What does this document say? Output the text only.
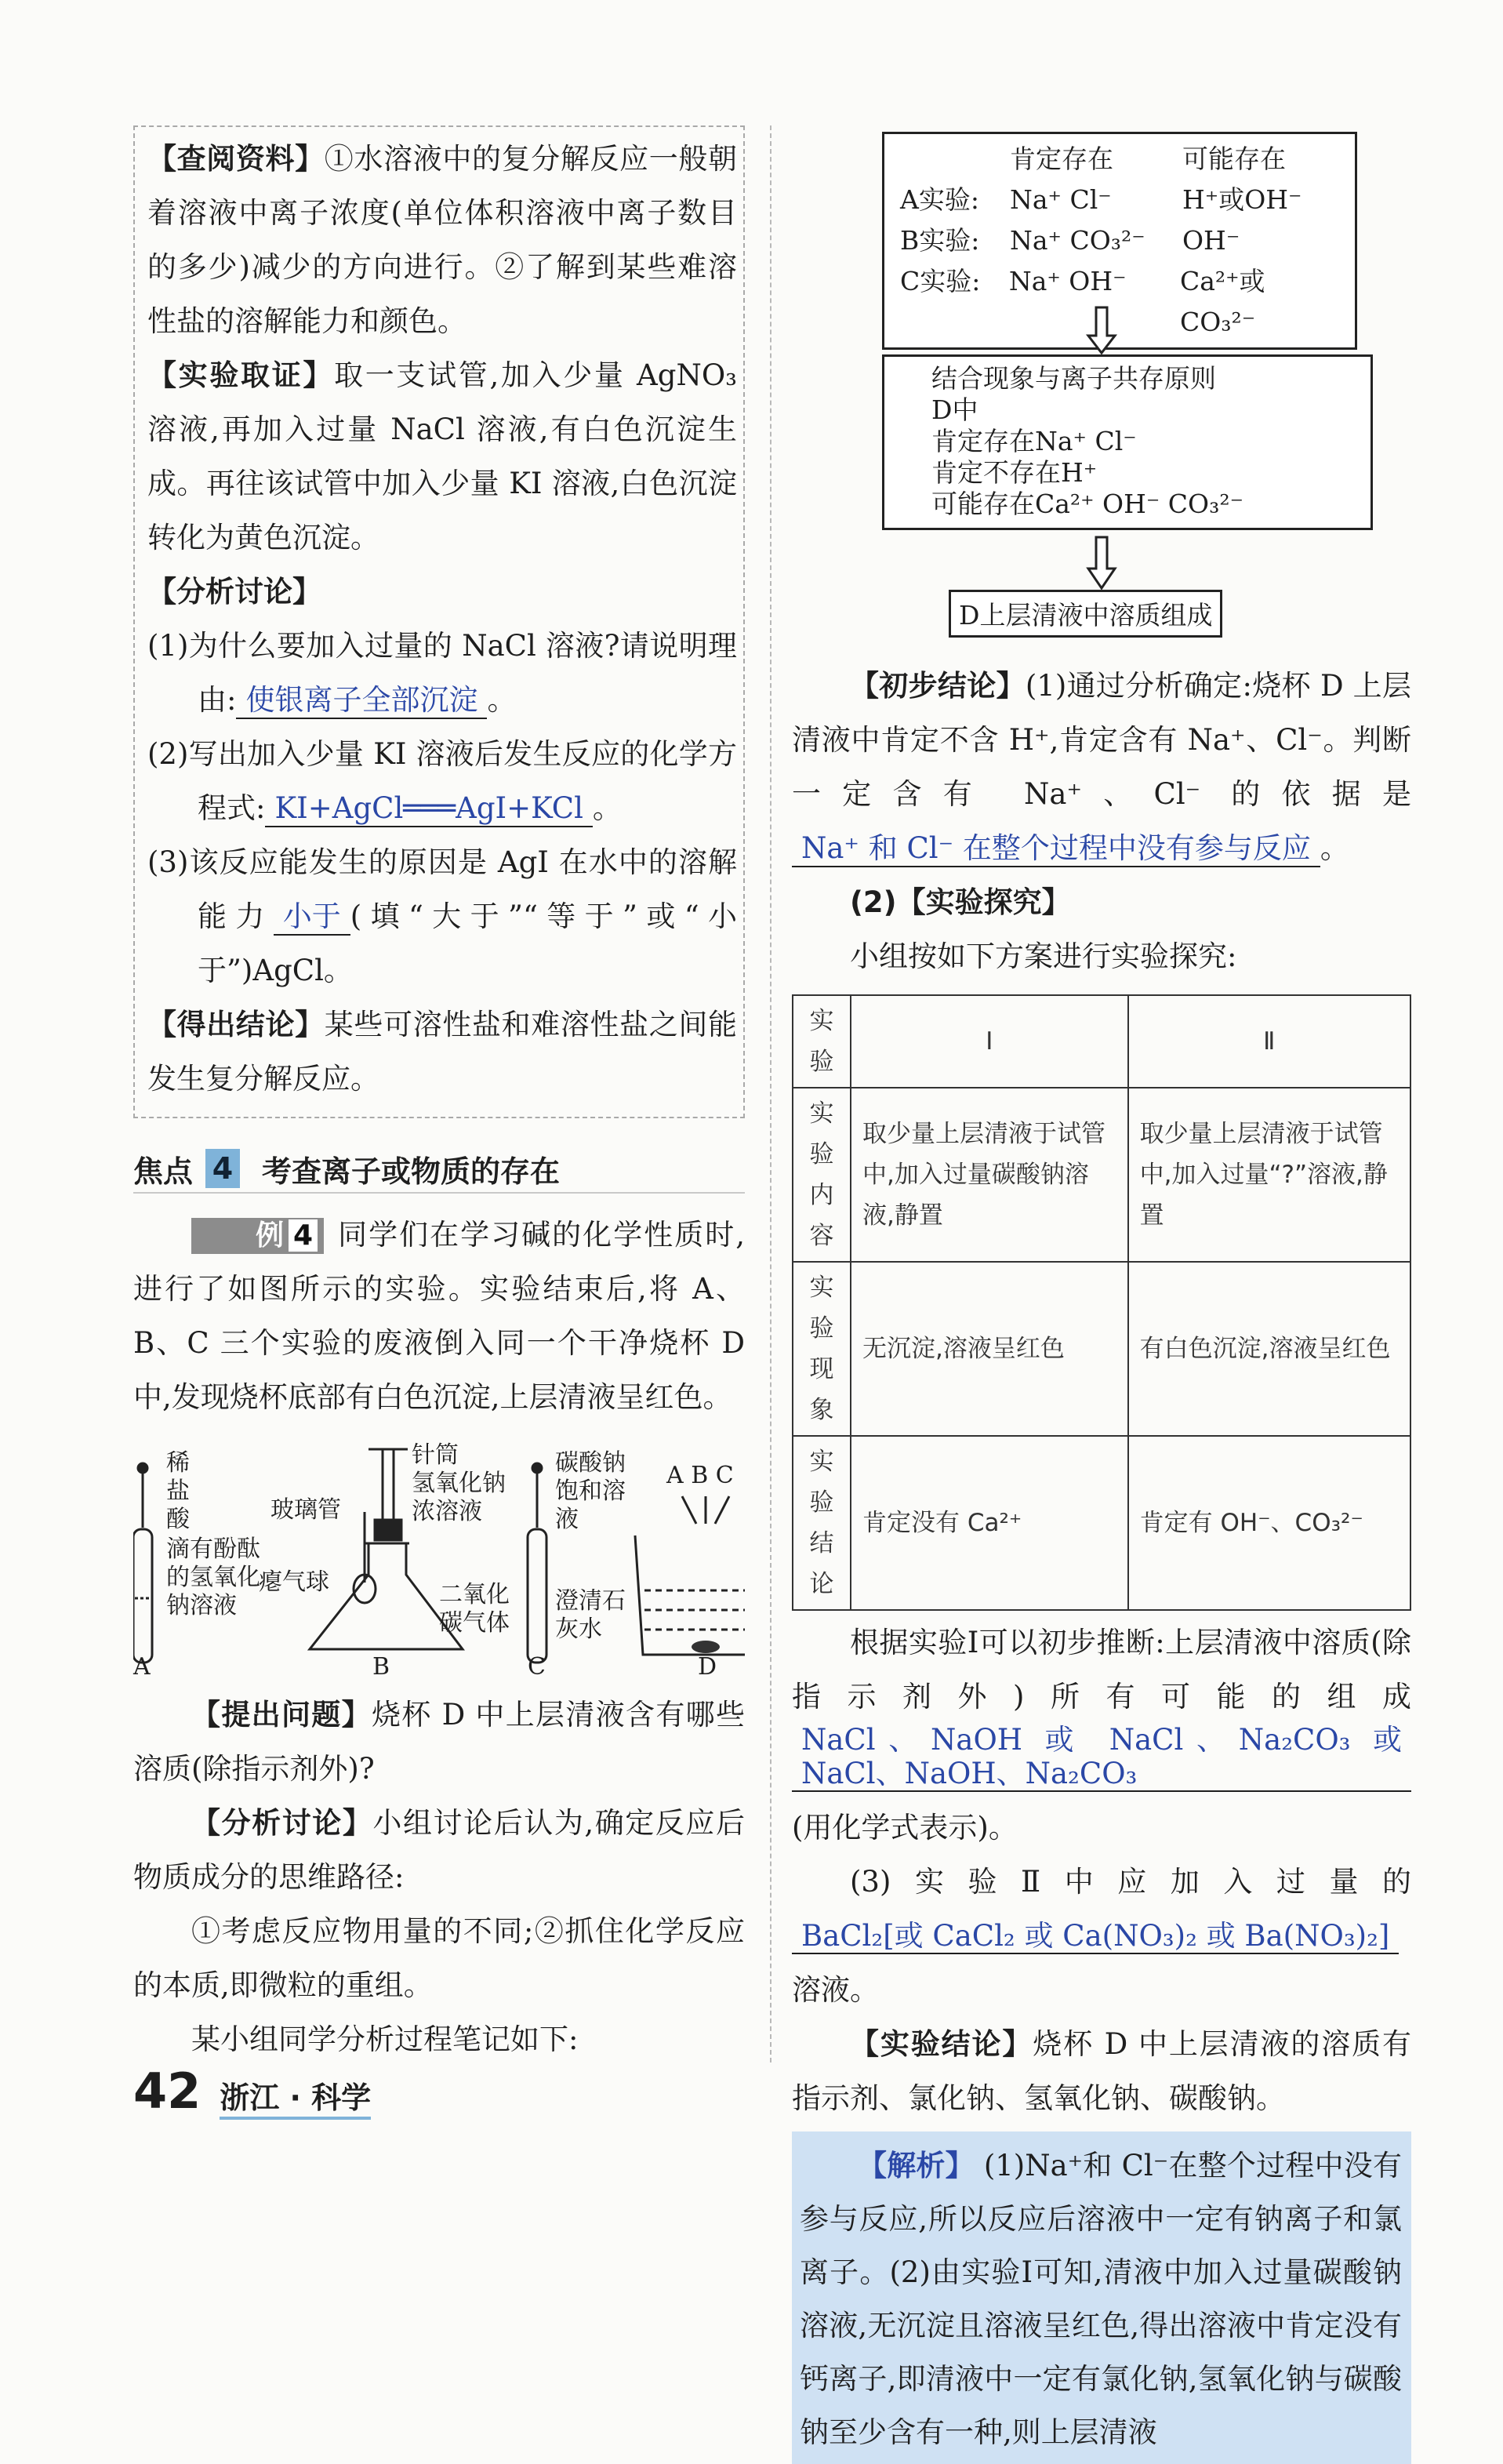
【查阅资料】①水溶液中的复分解反应一般朝着溶液中离子浓度(单位体积溶液中离子数目的多少)减少的方向进行。②了解到某些难溶性盐的溶解能力和颜色。

【实验取证】取一支试管,加入少量 AgNO₃ 溶液,再加入过量 NaCl 溶液,有白色沉淀生成。再往该试管中加入少量 KI 溶液,白色沉淀转化为黄色沉淀。

【分析讨论】

(1)为什么要加入过量的 NaCl 溶液?请说明理由: 使银离子全部沉淀 。

(2)写出加入少量 KI 溶液后发生反应的化学方程式: KI+AgCl═══AgI+KCl 。

(3)该反应能发生的原因是 AgI 在水中的溶解能力 小于 (填“大于”“等于”或“小于”)AgCl。

【得出结论】某些可溶性盐和难溶性盐之间能发生复分解反应。

焦点 4 考查离子或物质的存在

例 4 同学们在学习碱的化学性质时,进行了如图所示的实验。实验结束后,将 A、B、C 三个实验的废液倒入同一个干净烧杯 D 中,发现烧杯底部有白色沉淀,上层清液呈红色。

稀盐酸
滴有酚酞的氢氧化钠溶液
玻璃管
瘪气球
针筒
氢氧化钠浓溶液
二氧化碳气体
碳酸钠饱和溶液
澄清石灰水
A B C
A	B	C	D

【提出问题】烧杯 D 中上层清液含有哪些溶质(除指示剂外)?

【分析讨论】小组讨论后认为,确定反应后物质成分的思维路径:

①考虑反应物用量的不同;②抓住化学反应的本质,即微粒的重组。

某小组同学分析过程笔记如下:

肯定存在	可能存在
A实验:	Na⁺ Cl⁻	H⁺或OH⁻
B实验:	Na⁺ CO₃²⁻	OH⁻
C实验:	Na⁺ OH⁻	Ca²⁺或CO₃²⁻
结合现象与离子共存原则
D中
肯定存在Na⁺ Cl⁻
肯定不存在H⁺
可能存在Ca²⁺ OH⁻ CO₃²⁻
D上层清液中溶质组成

【初步结论】(1)通过分析确定:烧杯 D 上层清液中肯定不含 H⁺,肯定含有 Na⁺、Cl⁻。判断一定含有 Na⁺、Cl⁻ 的依据是Na⁺ 和 Cl⁻ 在整个过程中没有参与反应 。

(2)【实验探究】

小组按如下方案进行实验探究:

实验	Ⅰ	Ⅱ
实验内容	取少量上层清液于试管中,加入过量碳酸钠溶液,静置	取少量上层清液于试管中,加入过量“?”溶液,静置
实验现象	无沉淀,溶液呈红色	有白色沉淀,溶液呈红色
实验结论	肯定没有 Ca²⁺	肯定有 OH⁻、CO₃²⁻

根据实验Ⅰ可以初步推断:上层清液中溶质(除指示剂外)所有可能的组成NaCl、NaOH 或 NaCl、Na₂CO₃ 或 NaCl、NaOH、Na₂CO₃(用化学式表示)。

(3)实验Ⅱ中应加入过量的BaCl₂[或 CaCl₂ 或 Ca(NO₃)₂ 或 Ba(NO₃)₂]溶液。

【实验结论】烧杯 D 中上层清液的溶质有指示剂、氯化钠、氢氧化钠、碳酸钠。

【解析】 (1)Na⁺和 Cl⁻在整个过程中没有参与反应,所以反应后溶液中一定有钠离子和氯离子。(2)由实验Ⅰ可知,清液中加入过量碳酸钠溶液,无沉淀且溶液呈红色,得出溶液中肯定没有钙离子,即清液中一定有氯化钠,氢氧化钠与碳酸钠至少含有一种,则上层清液

42 浙江 · 科学
